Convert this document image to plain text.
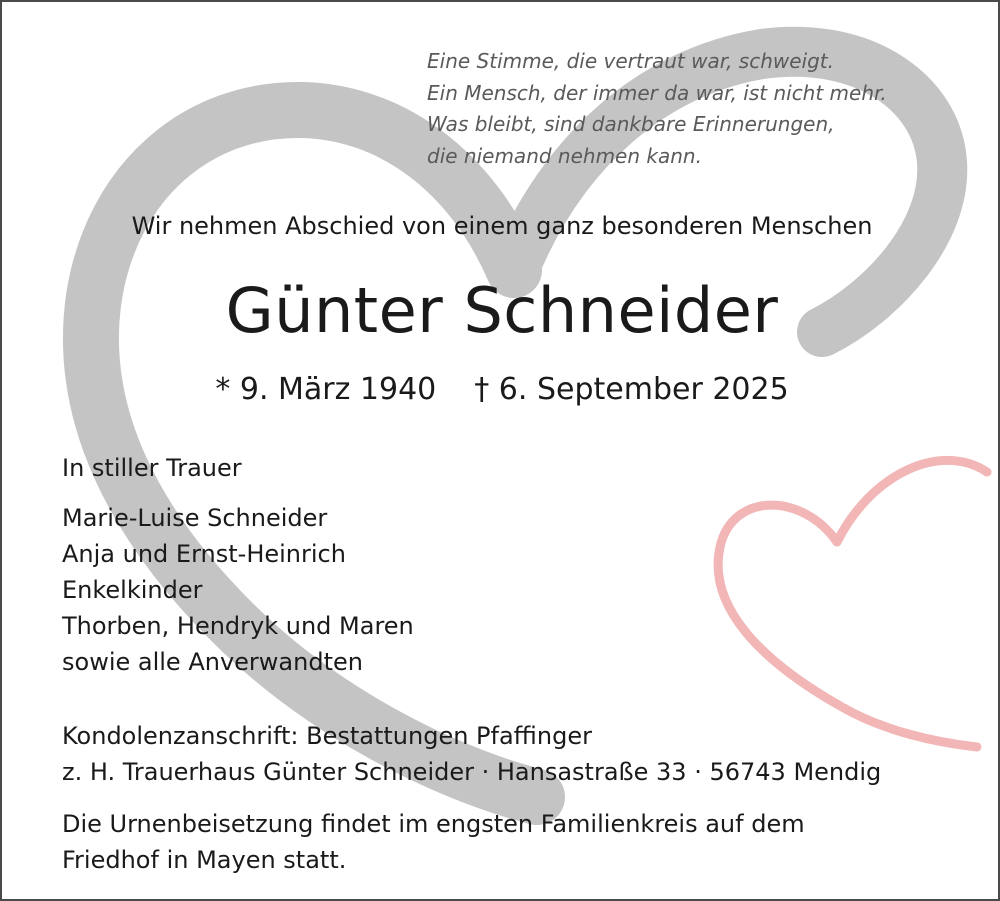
Eine Stimme, die vertraut war, schweigt.
Ein Mensch, der immer da war, ist nicht mehr.
Was bleibt, sind dankbare Erinnerungen,
die niemand nehmen kann.

Wir nehmen Abschied von einem ganz besonderen Menschen
Günter Schneider
* 9. März 1940 † 6. September 2025

In stiller Trauer

Marie-Luise Schneider
Anja und Ernst-Heinrich
Enkelkinder
Thorben, Hendryk und Maren
sowie alle Anverwandten

Kondolenzanschrift: Bestattungen Pfaffinger
z. H. Trauerhaus Günter Schneider · Hansastraße 33 · 56743 Mendig

Die Urnenbeisetzung findet im engsten Familienkreis auf dem
Friedhof in Mayen statt.
